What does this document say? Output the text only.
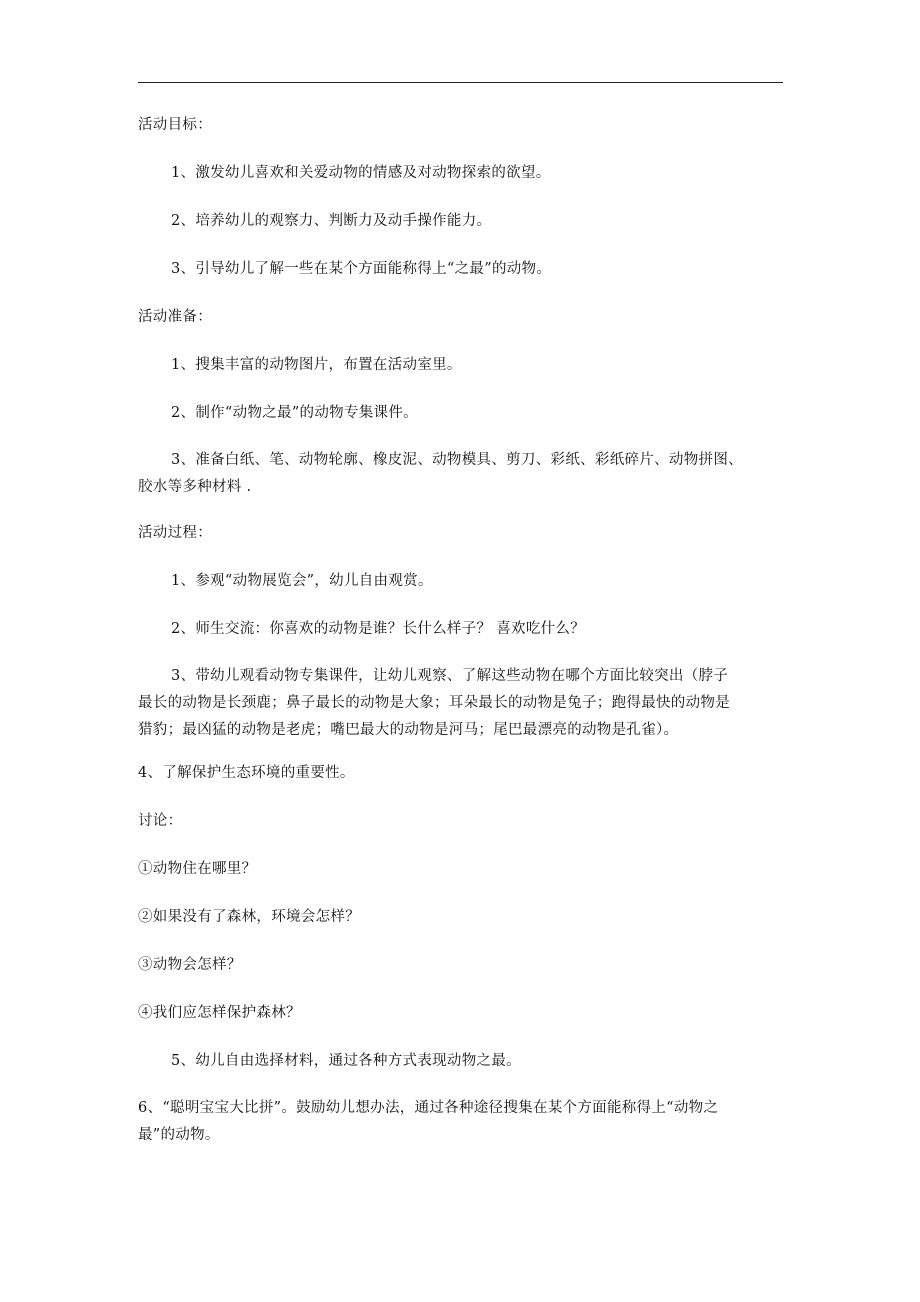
活动目标：
1、激发幼儿喜欢和关爱动物的情感及对动物探索的欲望。
2、培养幼儿的观察力、判断力及动手操作能力。
3、引导幼儿了解一些在某个方面能称得上“之最”的动物。
活动准备：
1、搜集丰富的动物图片，布置在活动室里。
2、制作“动物之最”的动物专集课件。
3、准备白纸、笔、动物轮廓、橡皮泥、动物模具、剪刀、彩纸、彩纸碎片、动物拼图、
胶水等多种材料 .
活动过程：
1、参观“动物展览会”，幼儿自由观赏。
2、师生交流：你喜欢的动物是谁？长什么样子？ 喜欢吃什么？
3、带幼儿观看动物专集课件，让幼儿观察、了解这些动物在哪个方面比较突出（脖子
最长的动物是长颈鹿；鼻子最长的动物是大象；耳朵最长的动物是兔子；跑得最快的动物是
猎豹；最凶猛的动物是老虎；嘴巴最大的动物是河马；尾巴最漂亮的动物是孔雀）。
4、了解保护生态环境的重要性。
讨论：
①动物住在哪里？
②如果没有了森林，环境会怎样？
③动物会怎样？
④我们应怎样保护森林？
5、幼儿自由选择材料，通过各种方式表现动物之最。
6、“聪明宝宝大比拼”。鼓励幼儿想办法，通过各种途径搜集在某个方面能称得上“动物之
最”的动物。
